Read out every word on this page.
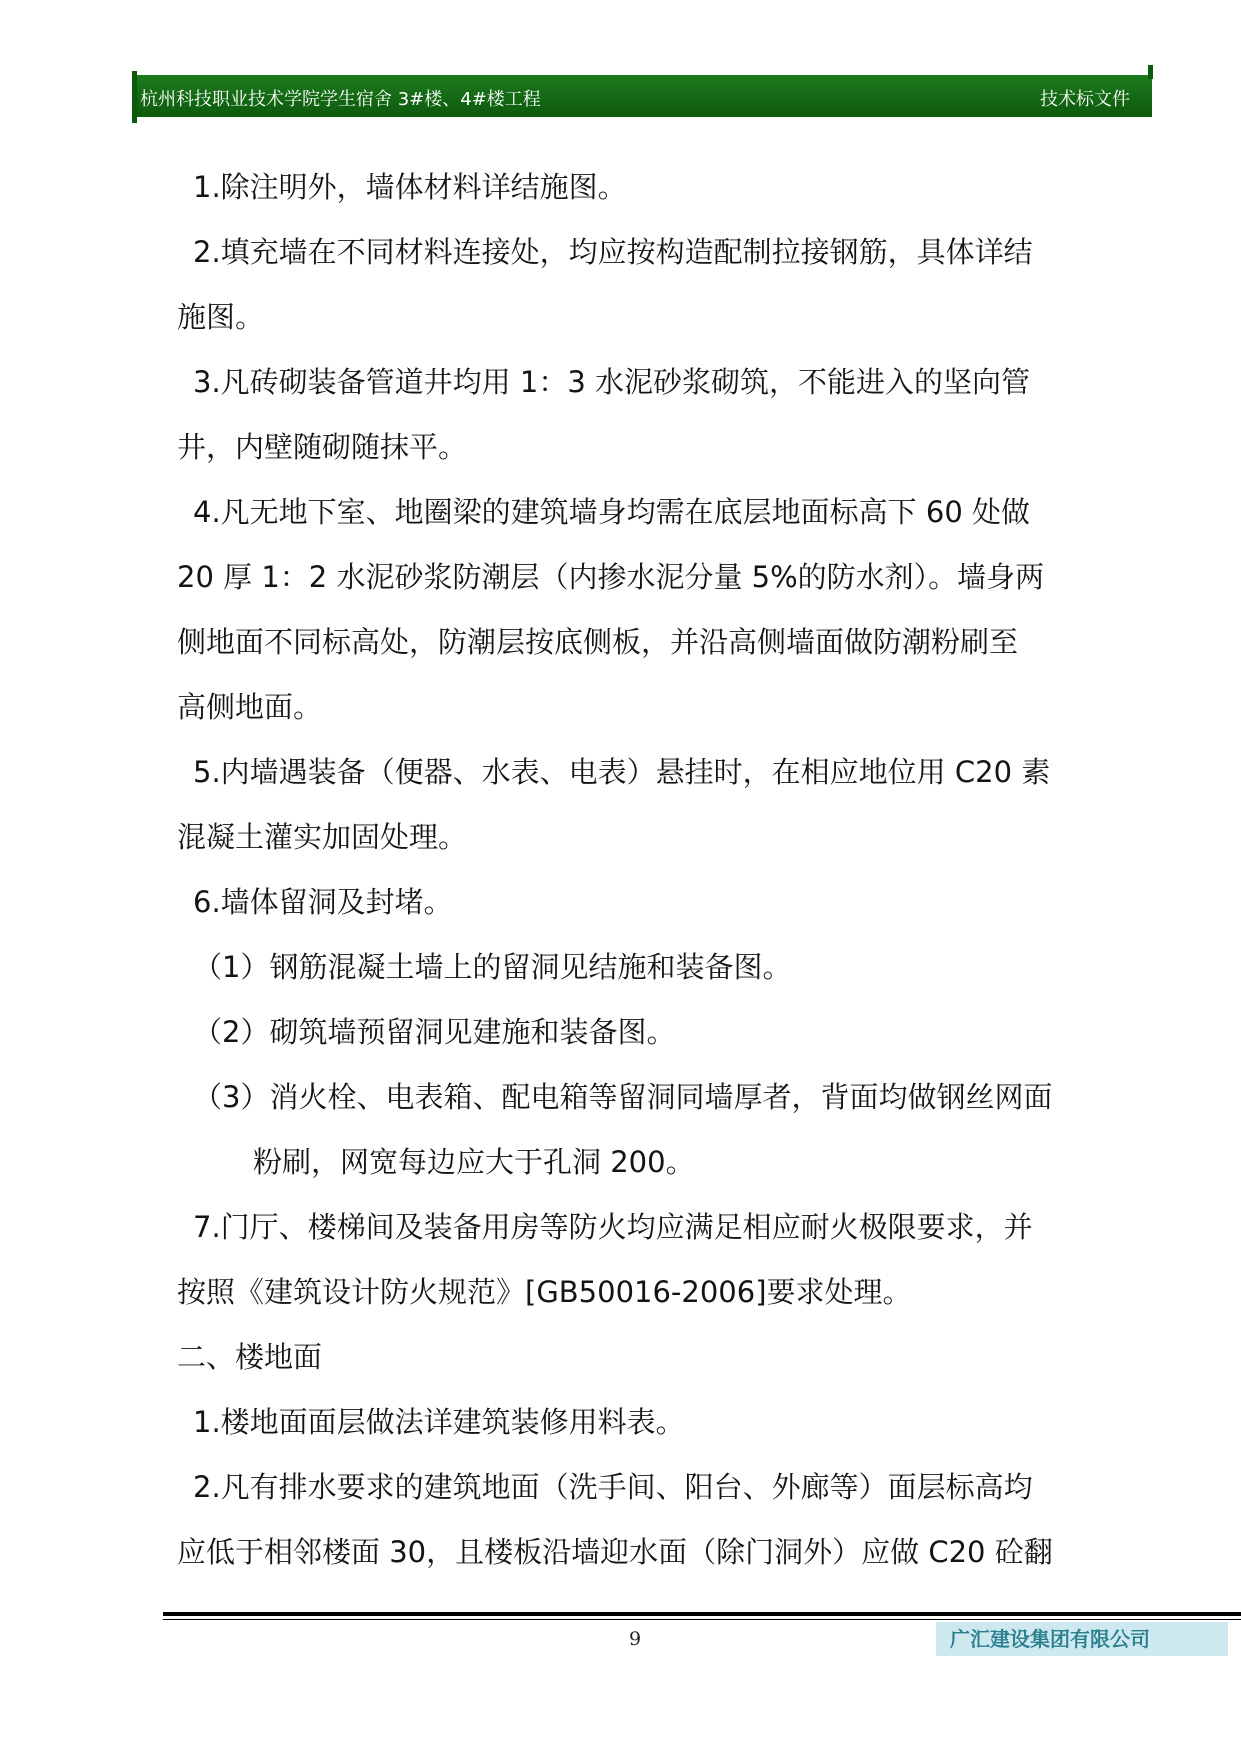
杭州科技职业技术学院学生宿舍 3#楼、4#楼工程	技术标文件
1.除注明外，墙体材料详结施图。
2.填充墙在不同材料连接处，均应按构造配制拉接钢筋，具体详结
施图。
3.凡砖砌装备管道井均用 1：3 水泥砂浆砌筑，不能进入的坚向管
井，内壁随砌随抹平。
4.凡无地下室、地圈梁的建筑墙身均需在底层地面标高下 60 处做
20 厚 1：2 水泥砂浆防潮层（内掺水泥分量 5%的防水剂）。墙身两
侧地面不同标高处，防潮层按底侧板，并沿高侧墙面做防潮粉刷至
高侧地面。
5.内墙遇装备（便器、水表、电表）悬挂时，在相应地位用 C20 素
混凝土灌实加固处理。
6.墙体留洞及封堵。
（1）钢筋混凝土墙上的留洞见结施和装备图。
（2）砌筑墙预留洞见建施和装备图。
（3）消火栓、电表箱、配电箱等留洞同墙厚者，背面均做钢丝网面
粉刷，网宽每边应大于孔洞 200。
7.门厅、楼梯间及装备用房等防火均应满足相应耐火极限要求，并
按照《建筑设计防火规范》[GB50016-2006]要求处理。
二、楼地面
1.楼地面面层做法详建筑装修用料表。
2.凡有排水要求的建筑地面（洗手间、阳台、外廊等）面层标高均
应低于相邻楼面 30，且楼板沿墙迎水面（除门洞外）应做 C20 砼翻
9	广汇建设集团有限公司
